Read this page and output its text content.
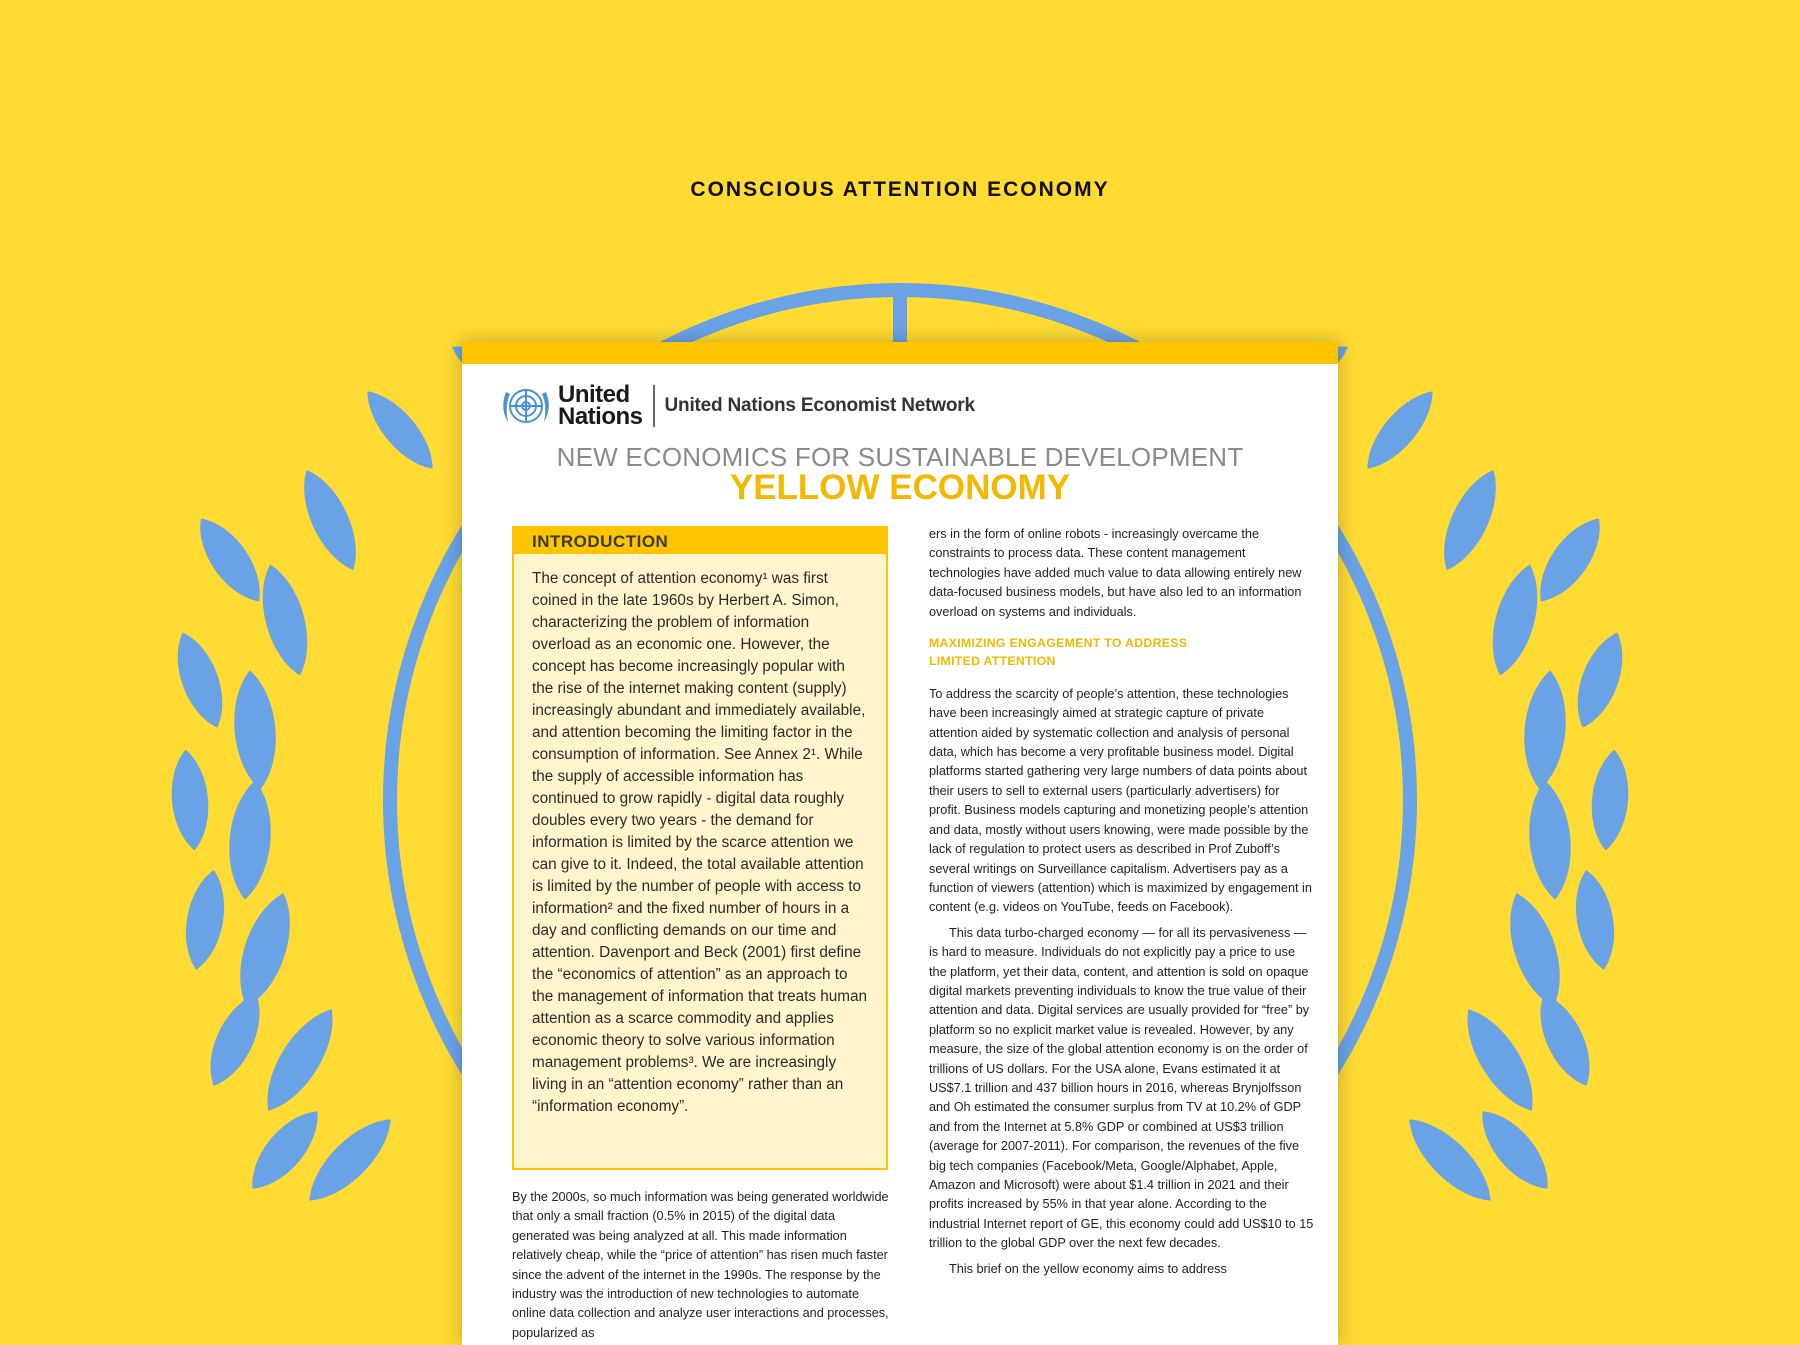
CONSCIOUS ATTENTION ECONOMY
United
Nations United Nations Economist Network
NEW ECONOMICS FOR SUSTAINABLE DEVELOPMENT
YELLOW ECONOMY
INTRODUCTION
The concept of attention economy¹ was first coined in the late 1960s by Herbert A. Simon, characterizing the problem of information overload as an economic one. However, the concept has become increasingly popular with the rise of the internet making content (supply) increasingly abundant and immediately available, and attention becoming the limiting factor in the consumption of information. See Annex 2¹. While the supply of accessible information has continued to grow rapidly - digital data roughly doubles every two years - the demand for information is limited by the scarce attention we can give to it. Indeed, the total available attention is limited by the number of people with access to information² and the fixed number of hours in a day and conflicting demands on our time and attention. Davenport and Beck (2001) first define the “economics of attention” as an approach to the management of information that treats human attention as a scarce commodity and applies economic theory to solve various information management problems³. We are increasingly living in an “attention economy” rather than an “information economy”.
By the 2000s, so much information was being generated worldwide that only a small fraction (0.5% in 2015) of the digital data generated was being analyzed at all. This made information relatively cheap, while the “price of attention” has risen much faster since the advent of the internet in the 1990s. The response by the industry was the introduction of new technologies to automate online data collection and analyze user interactions and processes, popularized as

ers in the form of online robots - increasingly overcame the constraints to process data. These content management technologies have added much value to data allowing entirely new data-focused business models, but have also led to an information overload on systems and individuals.

MAXIMIZING ENGAGEMENT TO ADDRESS
LIMITED ATTENTION

To address the scarcity of people’s attention, these technologies have been increasingly aimed at strategic capture of private attention aided by systematic collection and analysis of personal data, which has become a very profitable business model. Digital platforms started gathering very large numbers of data points about their users to sell to external users (particularly advertisers) for profit. Business models capturing and monetizing people’s attention and data, mostly without users knowing, were made possible by the lack of regulation to protect users as described in Prof Zuboff’s several writings on Surveillance capitalism. Advertisers pay as a function of viewers (attention) which is maximized by engagement in content (e.g. videos on YouTube, feeds on Facebook).

This data turbo-charged economy — for all its pervasiveness — is hard to measure. Individuals do not explicitly pay a price to use the platform, yet their data, content, and attention is sold on opaque digital markets preventing individuals to know the true value of their attention and data. Digital services are usually provided for “free” by platform so no explicit market value is revealed. However, by any measure, the size of the global attention economy is on the order of trillions of US dollars. For the USA alone, Evans estimated it at US$7.1 trillion and 437 billion hours in 2016, whereas Brynjolfsson and Oh estimated the consumer surplus from TV at 10.2% of GDP and from the Internet at 5.8% GDP or combined at US$3 trillion (average for 2007-2011). For comparison, the revenues of the five big tech companies (Facebook/Meta, Google/Alphabet, Apple, Amazon and Microsoft) were about $1.4 trillion in 2021 and their profits increased by 55% in that year alone. According to the industrial Internet report of GE, this economy could add US$10 to 15 trillion to the global GDP over the next few decades.

This brief on the yellow economy aims to address
